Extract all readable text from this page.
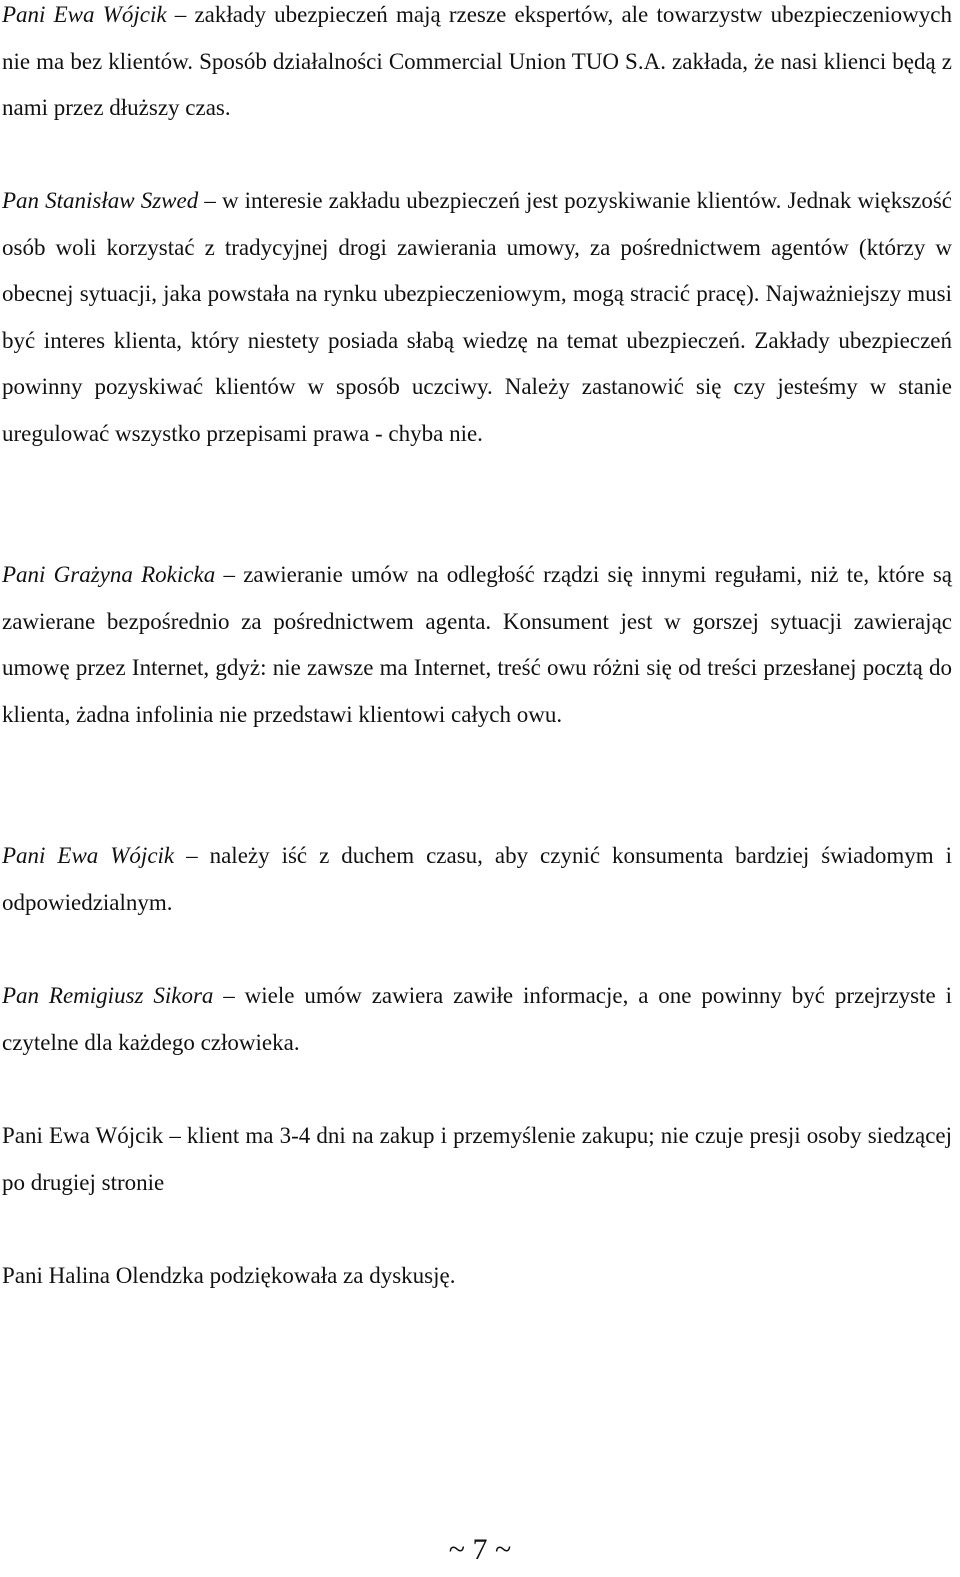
Pani Ewa Wójcik – zakłady ubezpieczeń mają rzesze ekspertów, ale towarzystw ubezpieczeniowych nie ma bez klientów. Sposób działalności Commercial Union TUO S.A. zakłada, że nasi klienci będą z nami przez dłuższy czas.

Pan Stanisław Szwed – w interesie zakładu ubezpieczeń jest pozyskiwanie klientów. Jednak większość osób woli korzystać z tradycyjnej drogi zawierania umowy, za pośrednictwem agentów (którzy w obecnej sytuacji, jaka powstała na rynku ubezpieczeniowym, mogą stracić pracę). Najważniejszy musi być interes klienta, który niestety posiada słabą wiedzę na temat ubezpieczeń. Zakłady ubezpieczeń powinny pozyskiwać klientów w sposób uczciwy. Należy zastanowić się czy jesteśmy w stanie uregulować wszystko przepisami prawa - chyba nie.

Pani Grażyna Rokicka – zawieranie umów na odległość rządzi się innymi regułami, niż te, które są zawierane bezpośrednio za pośrednictwem agenta. Konsument jest w gorszej sytuacji zawierając umowę przez Internet, gdyż: nie zawsze ma Internet, treść owu różni się od treści przesłanej pocztą do klienta, żadna infolinia nie przedstawi klientowi całych owu.

Pani Ewa Wójcik – należy iść z duchem czasu, aby czynić konsumenta bardziej świadomym i odpowiedzialnym.

Pan Remigiusz Sikora – wiele umów zawiera zawiłe informacje, a one powinny być przejrzyste i czytelne dla każdego człowieka.

Pani Ewa Wójcik – klient ma 3-4 dni na zakup i przemyślenie zakupu; nie czuje presji osoby siedzącej po drugiej stronie

Pani Halina Olendzka podziękowała za dyskusję.

~ 7 ~
